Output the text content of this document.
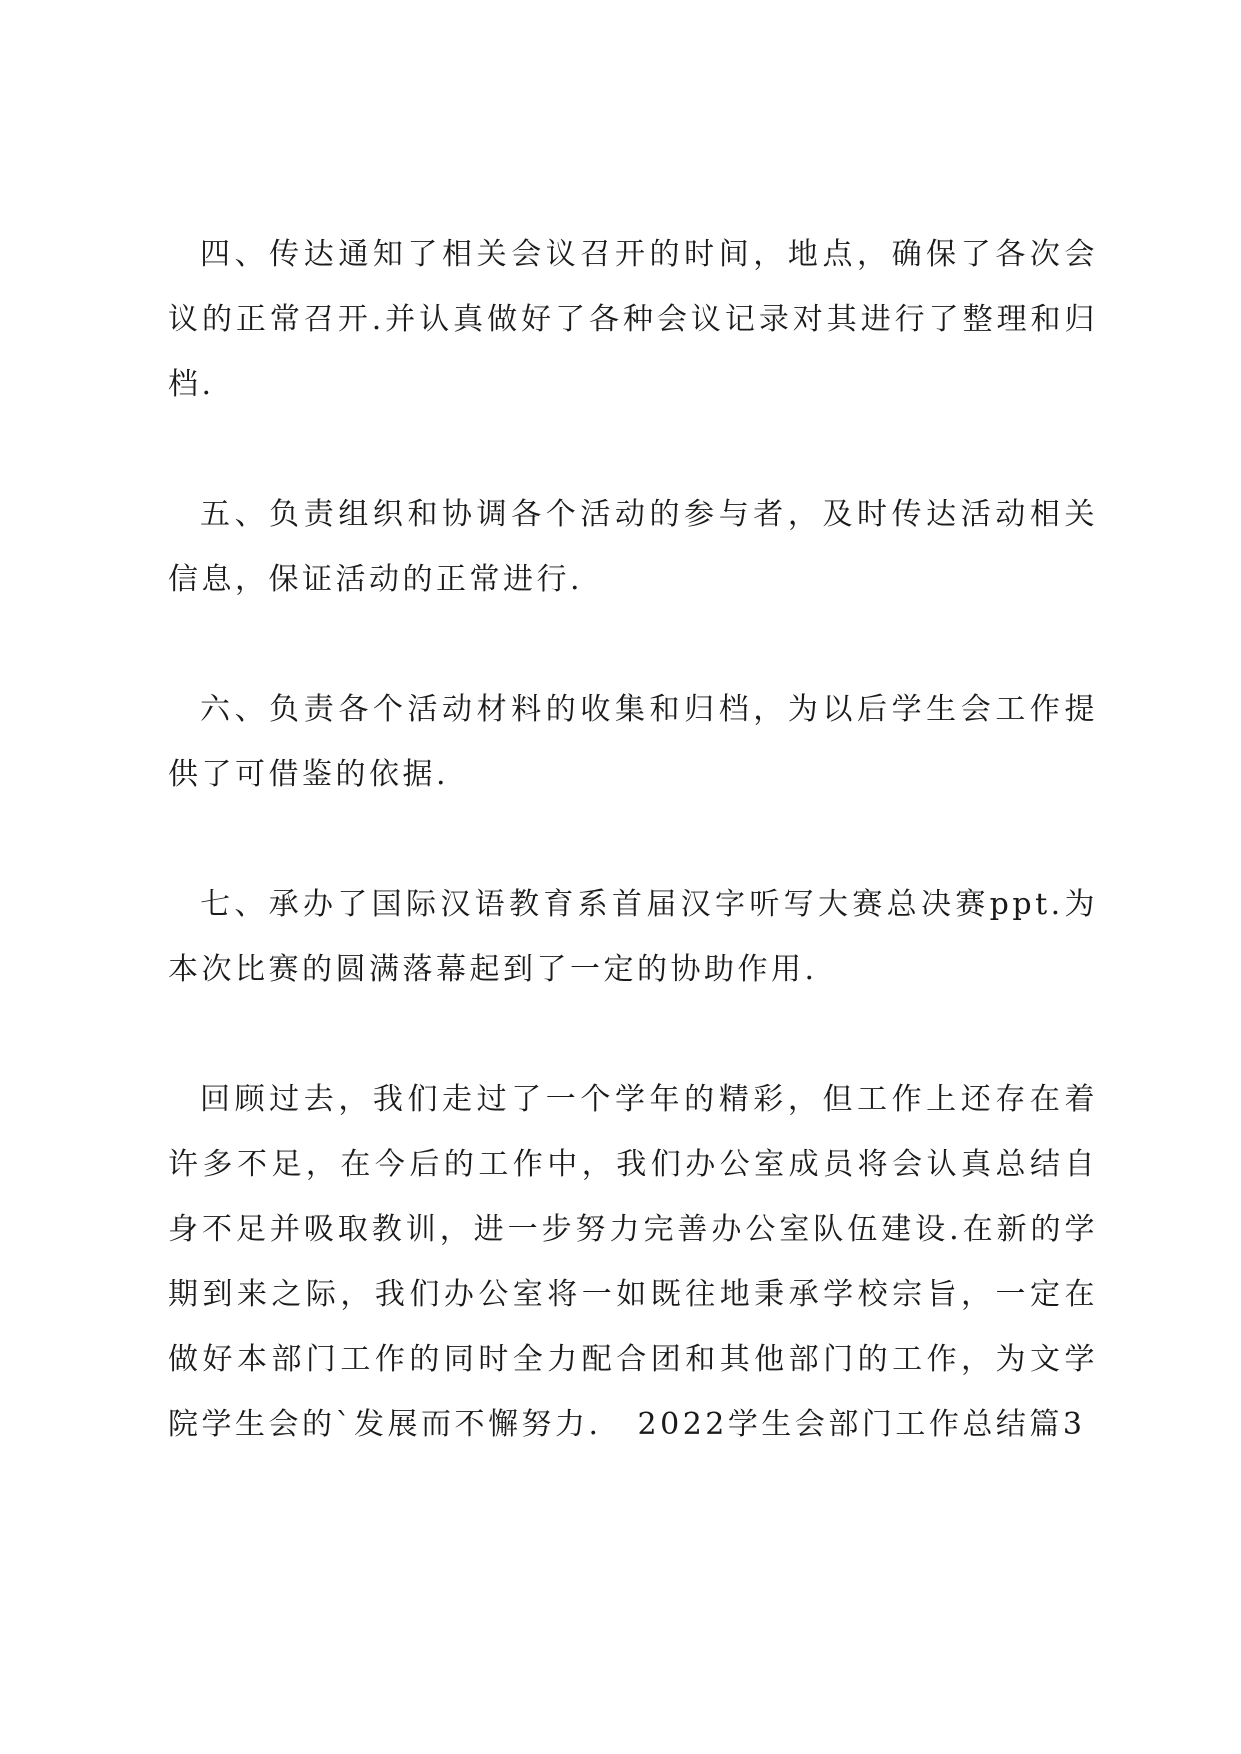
四、传达通知了相关会议召开的时间，地点，确保了各次会议的正常召开.并认真做好了各种会议记录对其进行了整理和归档.

五、负责组织和协调各个活动的参与者，及时传达活动相关信息，保证活动的正常进行.

六、负责各个活动材料的收集和归档，为以后学生会工作提供了可借鉴的依据.

七、承办了国际汉语教育系首届汉字听写大赛总决赛ppt.为本次比赛的圆满落幕起到了一定的协助作用.

回顾过去，我们走过了一个学年的精彩，但工作上还存在着许多不足，在今后的工作中，我们办公室成员将会认真总结自身不足并吸取教训，进一步努力完善办公室队伍建设.在新的学期到来之际，我们办公室将一如既往地秉承学校宗旨，一定在做好本部门工作的同时全力配合团和其他部门的工作，为文学院学生会的`发展而不懈努力. 2022学生会部门工作总结篇3
